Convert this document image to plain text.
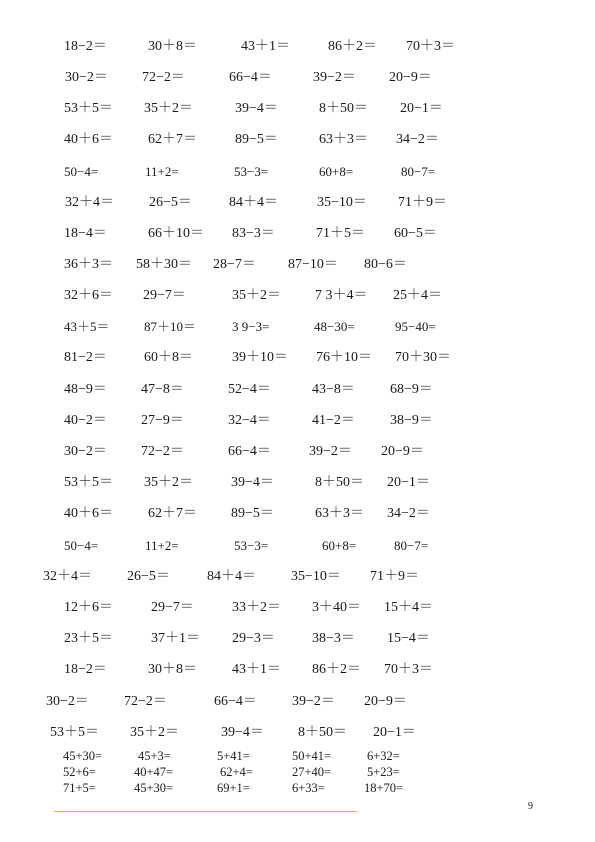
18−2＝	30＋8＝	43＋1＝	86＋2＝ 70＋3＝
30−2＝ 72−2＝	66−4＝	39−2＝ 20−9＝
53＋5＝ 35＋2＝	39−4＝	8＋50＝ 20−1＝
40＋6＝	62＋7＝	89−5＝	63＋3＝ 34−2＝
50−4=	11+2=	53−3=	60+8=	80−7=
32＋4＝	26−5＝	84＋4＝	35−10＝ 71＋9＝
18−4＝	66＋10＝ 83−3＝	71＋5＝ 60−5＝
36＋3＝ 58＋30＝ 28−7＝ 87−10＝ 80−6＝
32＋6＝ 29−7＝	35＋2＝ 7 3＋4＝ 25＋4＝
43＋5＝	87＋10＝	3 9−3=	48−30=	95−40=
81−2＝	60＋8＝	39＋10＝ 76＋10＝ 70＋30＝
48−9＝ 47−8＝	52−4＝	43−8＝	68−9＝
40−2＝ 27−9＝	32−4＝	41−2＝	38−9＝
30−2＝ 72−2＝	66−4＝	39−2＝ 20−9＝
53＋5＝ 35＋2＝	39−4＝	8＋50＝ 20−1＝
40＋6＝	62＋7＝ 89−5＝	63＋3＝ 34−2＝
50−4=	11+2=	53−3=	60+8=	80−7=
32＋4＝	26−5＝	84＋4＝	35−10＝ 71＋9＝
12＋6＝	29−7＝	33＋2＝ 3＋40＝ 15＋4＝
23＋5＝	37＋1＝ 29−3＝	38−3＝ 15−4＝
18−2＝	30＋8＝	43＋1＝ 86＋2＝ 70＋3＝
30−2＝	72−2＝	66−4＝	39−2＝ 20−9＝
53＋5＝ 35＋2＝	39−4＝ 8＋50＝ 20−1＝
45+30=	45+3=	5+41=	50+41=	6+32=
52+6=	40+47=	62+4=	27+40=	5+23=
71+5=	45+30=	69+1=	6+33=	18+70=
9
